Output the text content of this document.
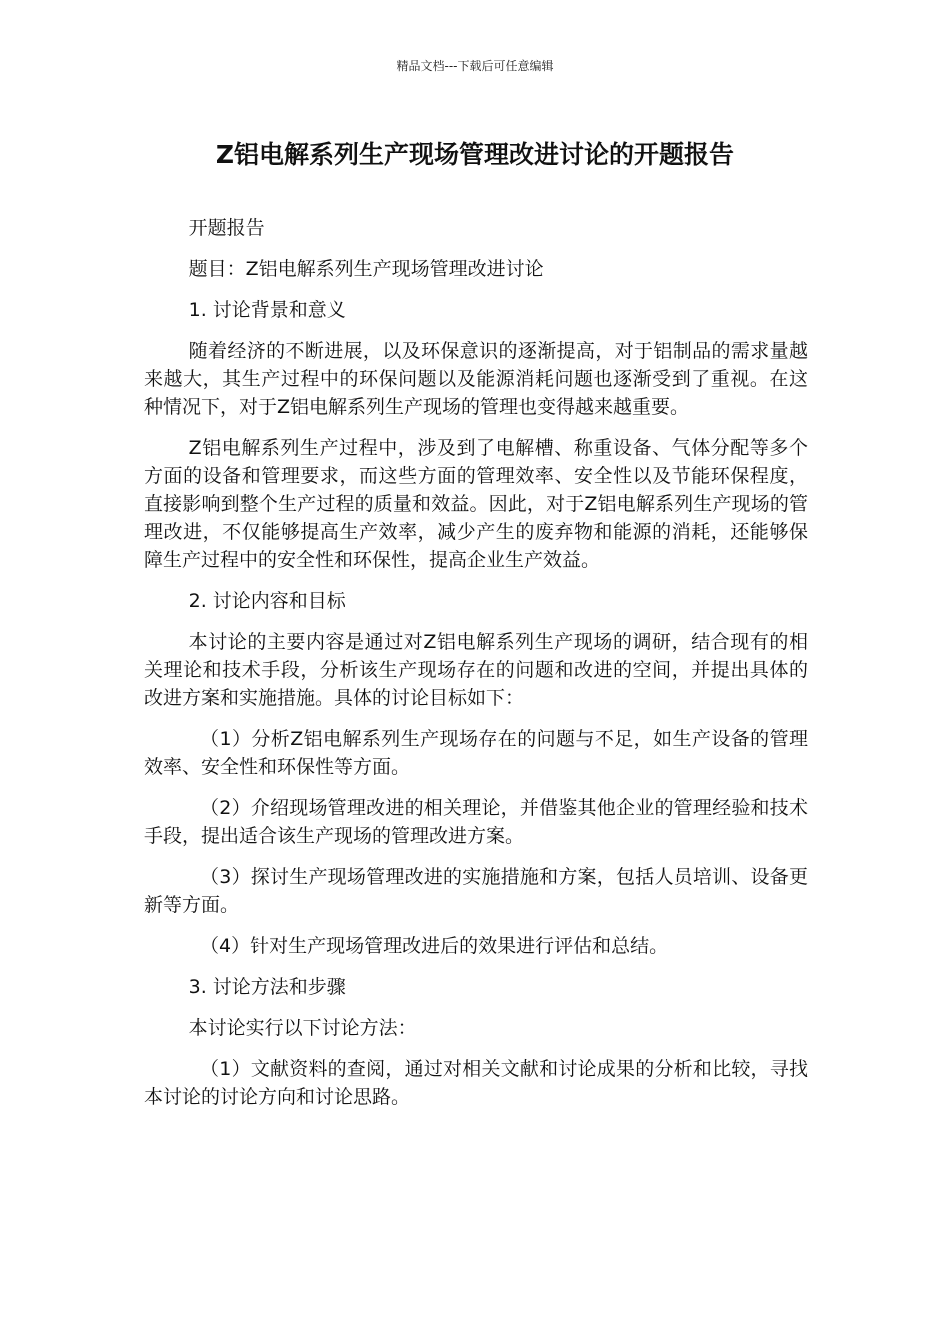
精品文档---下载后可任意编辑
Z铝电解系列生产现场管理改进讨论的开题报告

开题报告

题目：Z铝电解系列生产现场管理改进讨论

1. 讨论背景和意义

随着经济的不断进展，以及环保意识的逐渐提高，对于铝制品的需求量越来越大，其生产过程中的环保问题以及能源消耗问题也逐渐受到了重视。在这种情况下，对于Z铝电解系列生产现场的管理也变得越来越重要。

Z铝电解系列生产过程中，涉及到了电解槽、称重设备、气体分配等多个方面的设备和管理要求，而这些方面的管理效率、安全性以及节能环保程度，直接影响到整个生产过程的质量和效益。因此，对于Z铝电解系列生产现场的管理改进，不仅能够提高生产效率，减少产生的废弃物和能源的消耗，还能够保障生产过程中的安全性和环保性，提高企业生产效益。

2. 讨论内容和目标

本讨论的主要内容是通过对Z铝电解系列生产现场的调研，结合现有的相关理论和技术手段，分析该生产现场存在的问题和改进的空间，并提出具体的改进方案和实施措施。具体的讨论目标如下：

（1）分析Z铝电解系列生产现场存在的问题与不足，如生产设备的管理效率、安全性和环保性等方面。

（2）介绍现场管理改进的相关理论，并借鉴其他企业的管理经验和技术手段，提出适合该生产现场的管理改进方案。

（3）探讨生产现场管理改进的实施措施和方案，包括人员培训、设备更新等方面。

（4）针对生产现场管理改进后的效果进行评估和总结。

3. 讨论方法和步骤

本讨论实行以下讨论方法：

（1）文献资料的查阅，通过对相关文献和讨论成果的分析和比较，寻找本讨论的讨论方向和讨论思路。
